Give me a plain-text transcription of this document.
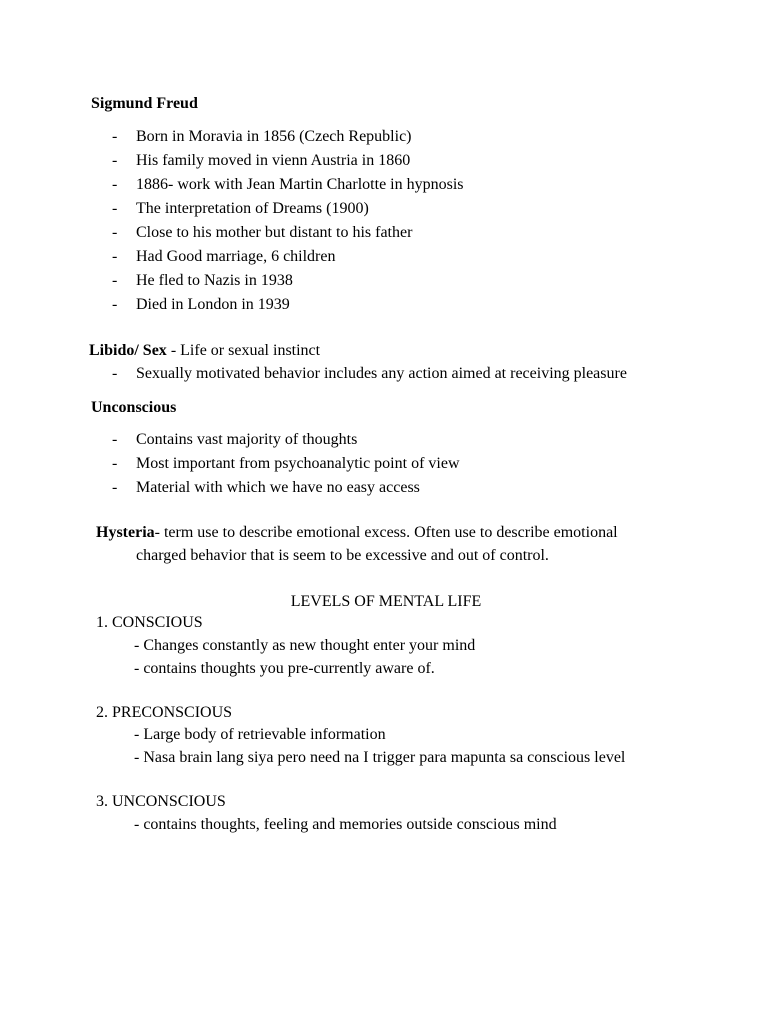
Sigmund Freud
- Born in Moravia in 1856 (Czech Republic)
- His family moved in vienn Austria in 1860
- 1886- work with Jean Martin Charlotte in hypnosis
- The interpretation of Dreams (1900)
- Close to his mother but distant to his father
- Had Good marriage, 6 children
- He fled to Nazis in 1938
- Died in London in 1939
Libido/ Sex - Life or sexual instinct
- Sexually motivated behavior includes any action aimed at receiving pleasure
Unconscious
- Contains vast majority of thoughts
- Most important from psychoanalytic point of view
- Material with which we have no easy access
Hysteria- term use to describe emotional excess. Often use to describe emotional
charged behavior that is seem to be excessive and out of control.
LEVELS OF MENTAL LIFE
1. CONSCIOUS
- Changes constantly as new thought enter your mind
- contains thoughts you pre-currently aware of.
2. PRECONSCIOUS
- Large body of retrievable information
- Nasa brain lang siya pero need na I trigger para mapunta sa conscious level
3. UNCONSCIOUS
- contains thoughts, feeling and memories outside conscious mind
